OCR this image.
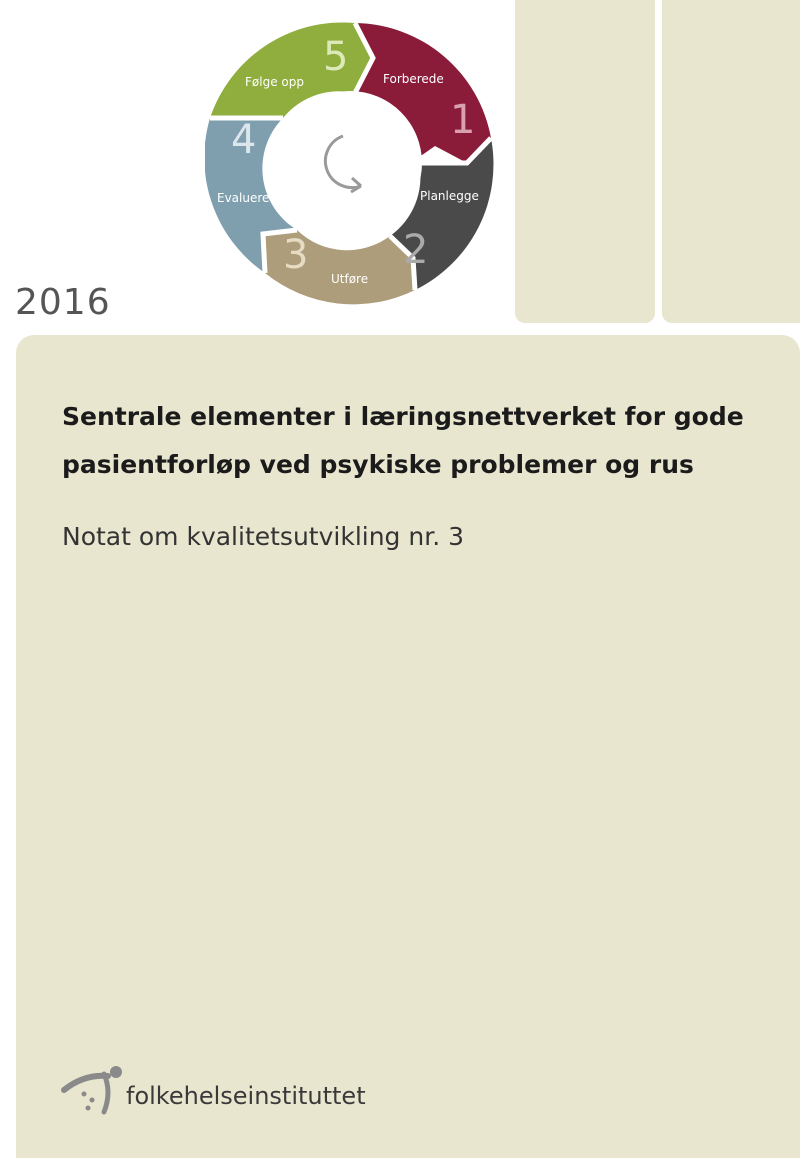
1
2
3
4
5	Forberede
Planlegge
Utføre
Evaluere
Følge opp
2016
Sentrale elementer i læringsnettverket for gode
pasientforløp ved psykiske problemer og rus

Notat om kvalitetsutvikling nr. 3

folkehelseinstituttet
